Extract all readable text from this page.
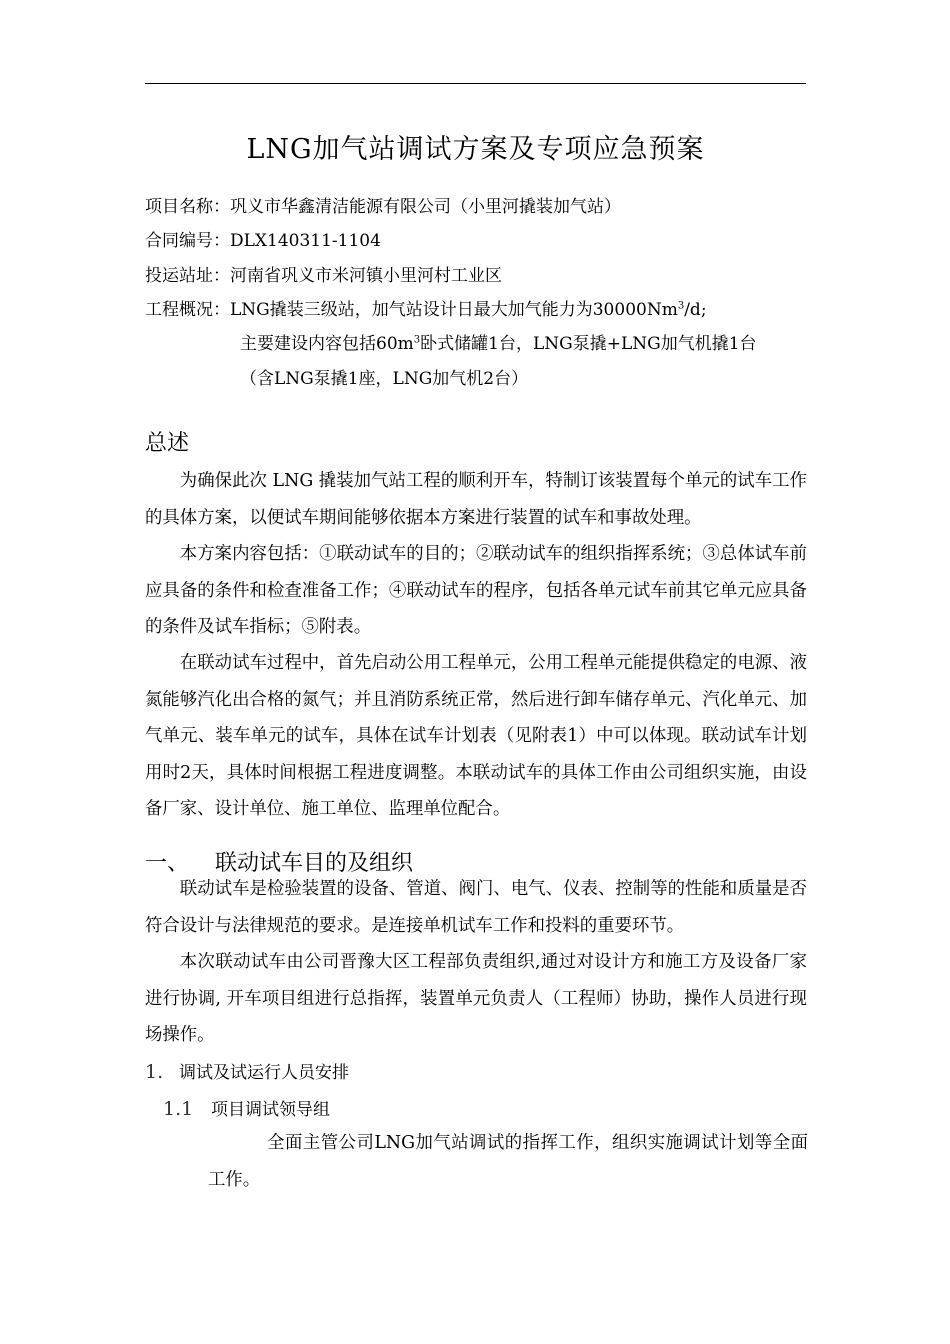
LNG加气站调试方案及专项应急预案
项目名称：巩义市华鑫清洁能源有限公司（小里河撬装加气站）
合同编号：DLX140311-1104
投运站址：河南省巩义市米河镇小里河村工业区
工程概况：LNG撬装三级站，加气站设计日最大加气能力为30000Nm$^3$/d;
主要建设内容包括$60m^3$卧式储罐1台，LNG泵撬+LNG加气机撬1台
（含LNG泵撬1座，LNG加气机2台）
总述

为确保此次 LNG 撬装加气站工程的顺利开车，特制订该装置每个单元的试车工作的具体方案，以便试车期间能够依据本方案进行装置的试车和事故处理。

本方案内容包括：①联动试车的目的；②联动试车的组织指挥系统；③总体试车前应具备的条件和检查准备工作；④联动试车的程序，包括各单元试车前其它单元应具备的条件及试车指标；⑤附表。

在联动试车过程中，首先启动公用工程单元，公用工程单元能提供稳定的电源、液氮能够汽化出合格的氮气；并且消防系统正常，然后进行卸车储存单元、汽化单元、加气单元、装车单元的试车，具体在试车计划表（见附表1）中可以体现。联动试车计划用时2天，具体时间根据工程进度调整。本联动试车的具体工作由公司组织实施，由设备厂家、设计单位、施工单位、监理单位配合。

一、 联动试车目的及组织

联动试车是检验装置的设备、管道、阀门、电气、仪表、控制等的性能和质量是否符合设计与法律规范的要求。是连接单机试车工作和投料的重要环节。

本次联动试车由公司晋豫大区工程部负责组织,通过对设计方和施工方及设备厂家进行协调, 开车项目组进行总指挥，装置单元负责人（工程师）协助，操作人员进行现场操作。

1. 调试及试运行人员安排
1.1 项目调试领导组

全面主管公司LNG加气站调试的指挥工作，组织实施调试计划等全面工作。
